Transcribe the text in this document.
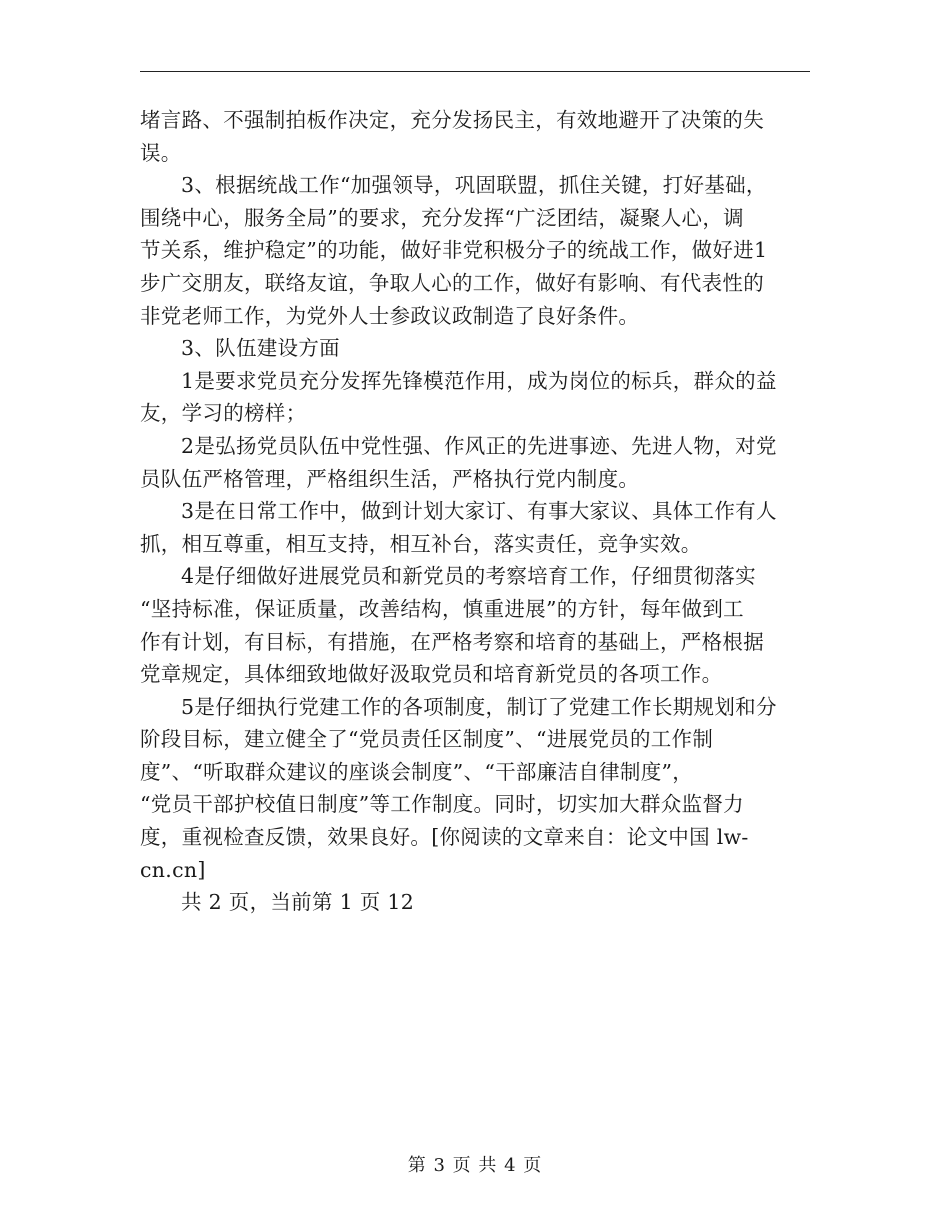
堵言路、不强制拍板作决定，充分发扬民主，有效地避开了决策的失
误。
3、根据统战工作“加强领导，巩固联盟，抓住关键，打好基础，
围绕中心，服务全局”的要求，充分发挥“广泛团结，凝聚人心，调
节关系，维护稳定”的功能，做好非党积极分子的统战工作，做好进1
步广交朋友，联络友谊，争取人心的工作，做好有影响、有代表性的
非党老师工作，为党外人士参政议政制造了良好条件。
3、队伍建设方面
1是要求党员充分发挥先锋模范作用，成为岗位的标兵，群众的益
友，学习的榜样；
2是弘扬党员队伍中党性强、作风正的先进事迹、先进人物，对党
员队伍严格管理，严格组织生活，严格执行党内制度。
3是在日常工作中，做到计划大家订、有事大家议、具体工作有人
抓，相互尊重，相互支持，相互补台，落实责任，竞争实效。
4是仔细做好进展党员和新党员的考察培育工作，仔细贯彻落实
“坚持标准，保证质量，改善结构，慎重进展”的方针，每年做到工
作有计划，有目标，有措施，在严格考察和培育的基础上，严格根据
党章规定，具体细致地做好汲取党员和培育新党员的各项工作。
5是仔细执行党建工作的各项制度，制订了党建工作长期规划和分
阶段目标，建立健全了“党员责任区制度”、“进展党员的工作制
度”、“听取群众建议的座谈会制度”、“干部廉洁自律制度”，
“党员干部护校值日制度”等工作制度。同时，切实加大群众监督力
度，重视检查反馈，效果良好。[你阅读的文章来自：论文中国 lw-
cn.cn]
共 2 页，当前第 1 页 12
第 3 页 共 4 页
